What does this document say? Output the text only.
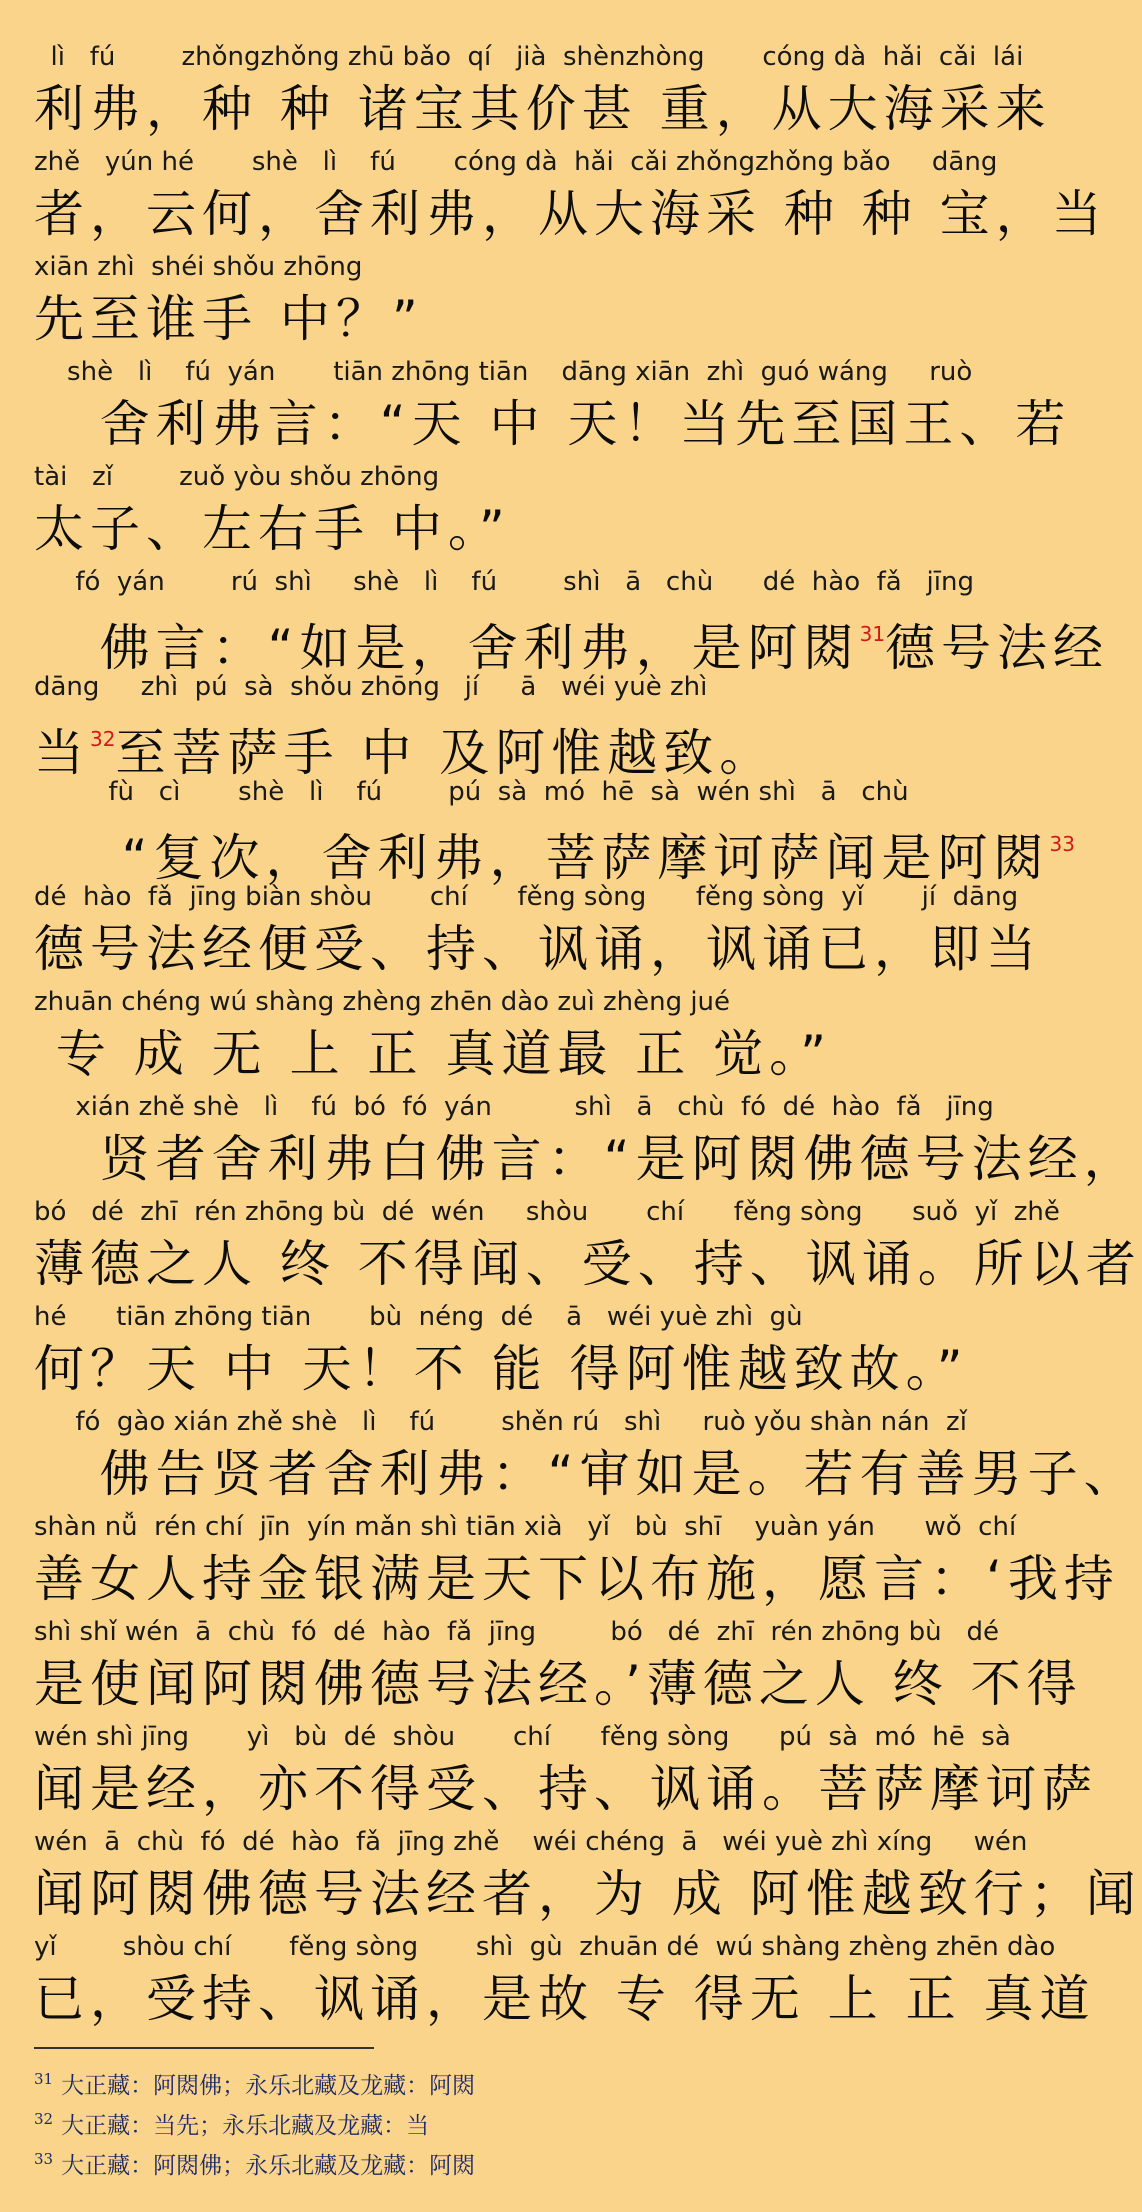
lì   fú        zhǒngzhǒng zhū bǎo  qí   jià  shènzhòng       cóng dà  hǎi  cǎi  lái
利弗，种 种 诸宝其价甚 重，从大海采来
zhě   yún hé       shè   lì    fú       cóng dà  hǎi  cǎi zhǒngzhǒng bǎo     dāng
者，云何，舍利弗，从大海采 种 种 宝，当
xiān zhì  shéi shǒu zhōng
先至谁手 中？”
shè   lì    fú  yán       tiān zhōng tiān    dāng xiān  zhì  guó wáng     ruò
舍利弗言：“天 中 天！当先至国王、若
tài   zǐ        zuǒ yòu shǒu zhōng
太子、左右手 中。”
fó  yán        rú  shì     shè   lì    fú        shì   ā   chù      dé  hào  fǎ   jīng
佛言：“如是，舍利弗，是阿閦$^{31}$德号法经
dāng     zhì  pú  sà  shǒu zhōng   jí     ā   wéi yuè zhì
当$^{32}$至菩萨手 中 及阿惟越致。
fù   cì       shè   lì    fú        pú  sà  mó  hē  sà  wén shì   ā   chù
“复次，舍利弗，菩萨摩诃萨闻是阿閦$^{33}$
dé  hào  fǎ  jīng biàn shòu       chí      fěng sòng      fěng sòng  yǐ       jí  dāng
德号法经便受、持、讽诵，讽诵已，即当
zhuān chéng wú shàng zhèng zhēn dào zuì zhèng jué
专 成 无 上 正 真道最 正 觉。”
xián zhě shè   lì    fú  bó  fó  yán          shì   ā   chù  fó  dé  hào  fǎ   jīng
贤者舍利弗白佛言：“是阿閦佛德号法经，
bó   dé  zhī  rén zhōng bù  dé  wén     shòu       chí      fěng sòng      suǒ  yǐ  zhě
薄德之人 终 不得闻、受、持、讽诵。所以者
hé      tiān zhōng tiān       bù  néng  dé    ā   wéi yuè zhì  gù
何？天 中 天！不 能 得阿惟越致故。”
fó  gào xián zhě shè   lì    fú        shěn rú   shì     ruò yǒu shàn nán  zǐ
佛告贤者舍利弗：“审如是。若有善男子、
shàn nǚ  rén chí  jīn  yín mǎn shì tiān xià   yǐ   bù  shī    yuàn yán      wǒ  chí
善女人持金银满是天下以布施，愿言：‘我持
shì shǐ wén  ā  chù  fó  dé  hào  fǎ  jīng         bó   dé  zhī  rén zhōng bù   dé
是使闻阿閦佛德号法经。’薄德之人 终 不得
wén shì jīng       yì   bù  dé  shòu       chí      fěng sòng      pú  sà  mó  hē  sà
闻是经，亦不得受、持、讽诵。菩萨摩诃萨
wén  ā  chù  fó  dé  hào  fǎ  jīng zhě    wéi chéng  ā   wéi yuè zhì xíng     wén
闻阿閦佛德号法经者，为 成 阿惟越致行；闻
yǐ        shòu chí       fěng sòng       shì  gù  zhuān dé  wú shàng zhèng zhēn dào
已，受持、讽诵，是故 专 得无 上 正 真道
$^{31}$ 大正藏：阿閦佛；永乐北藏及龙藏：阿閦
$^{32}$ 大正藏：当先；永乐北藏及龙藏：当
$^{33}$ 大正藏：阿閦佛；永乐北藏及龙藏：阿閦
